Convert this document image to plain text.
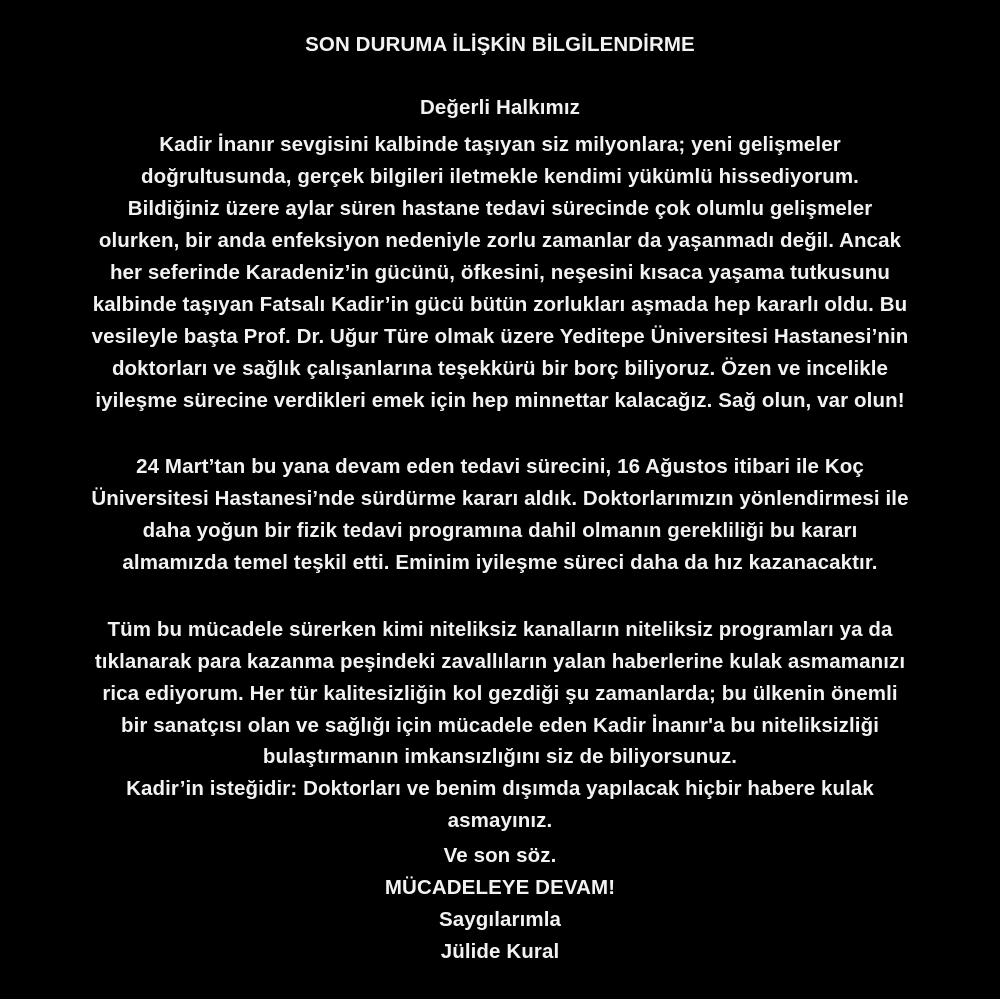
SON DURUMA İLİŞKİN BİLGİLENDİRME
Değerli Halkımız
Kadir İnanır sevgisini kalbinde taşıyan siz milyonlara; yeni gelişmeler
doğrultusunda, gerçek bilgileri iletmekle kendimi yükümlü hissediyorum.
Bildiğiniz üzere aylar süren hastane tedavi sürecinde çok olumlu gelişmeler
olurken, bir anda enfeksiyon nedeniyle zorlu zamanlar da yaşanmadı değil. Ancak
her seferinde Karadeniz’in gücünü, öfkesini, neşesini kısaca yaşama tutkusunu
kalbinde taşıyan Fatsalı Kadir’in gücü bütün zorlukları aşmada hep kararlı oldu. Bu
vesileyle başta Prof. Dr. Uğur Türe olmak üzere Yeditepe Üniversitesi Hastanesi’nin
doktorları ve sağlık çalışanlarına teşekkürü bir borç biliyoruz. Özen ve incelikle
iyileşme sürecine verdikleri emek için hep minnettar kalacağız. Sağ olun, var olun!
24 Mart’tan bu yana devam eden tedavi sürecini, 16 Ağustos itibari ile Koç
Üniversitesi Hastanesi’nde sürdürme kararı aldık. Doktorlarımızın yönlendirmesi ile
daha yoğun bir fizik tedavi programına dahil olmanın gerekliliği bu kararı
almamızda temel teşkil etti. Eminim iyileşme süreci daha da hız kazanacaktır.
Tüm bu mücadele sürerken kimi niteliksiz kanalların niteliksiz programları ya da
tıklanarak para kazanma peşindeki zavallıların yalan haberlerine kulak asmamanızı
rica ediyorum. Her tür kalitesizliğin kol gezdiği şu zamanlarda; bu ülkenin önemli
bir sanatçısı olan ve sağlığı için mücadele eden Kadir İnanır'a bu niteliksizliği
bulaştırmanın imkansızlığını siz de biliyorsunuz.
Kadir’in isteğidir: Doktorları ve benim dışımda yapılacak hiçbir habere kulak
asmayınız.
Ve son söz.
MÜCADELEYE DEVAM!
Saygılarımla
Jülide Kural
